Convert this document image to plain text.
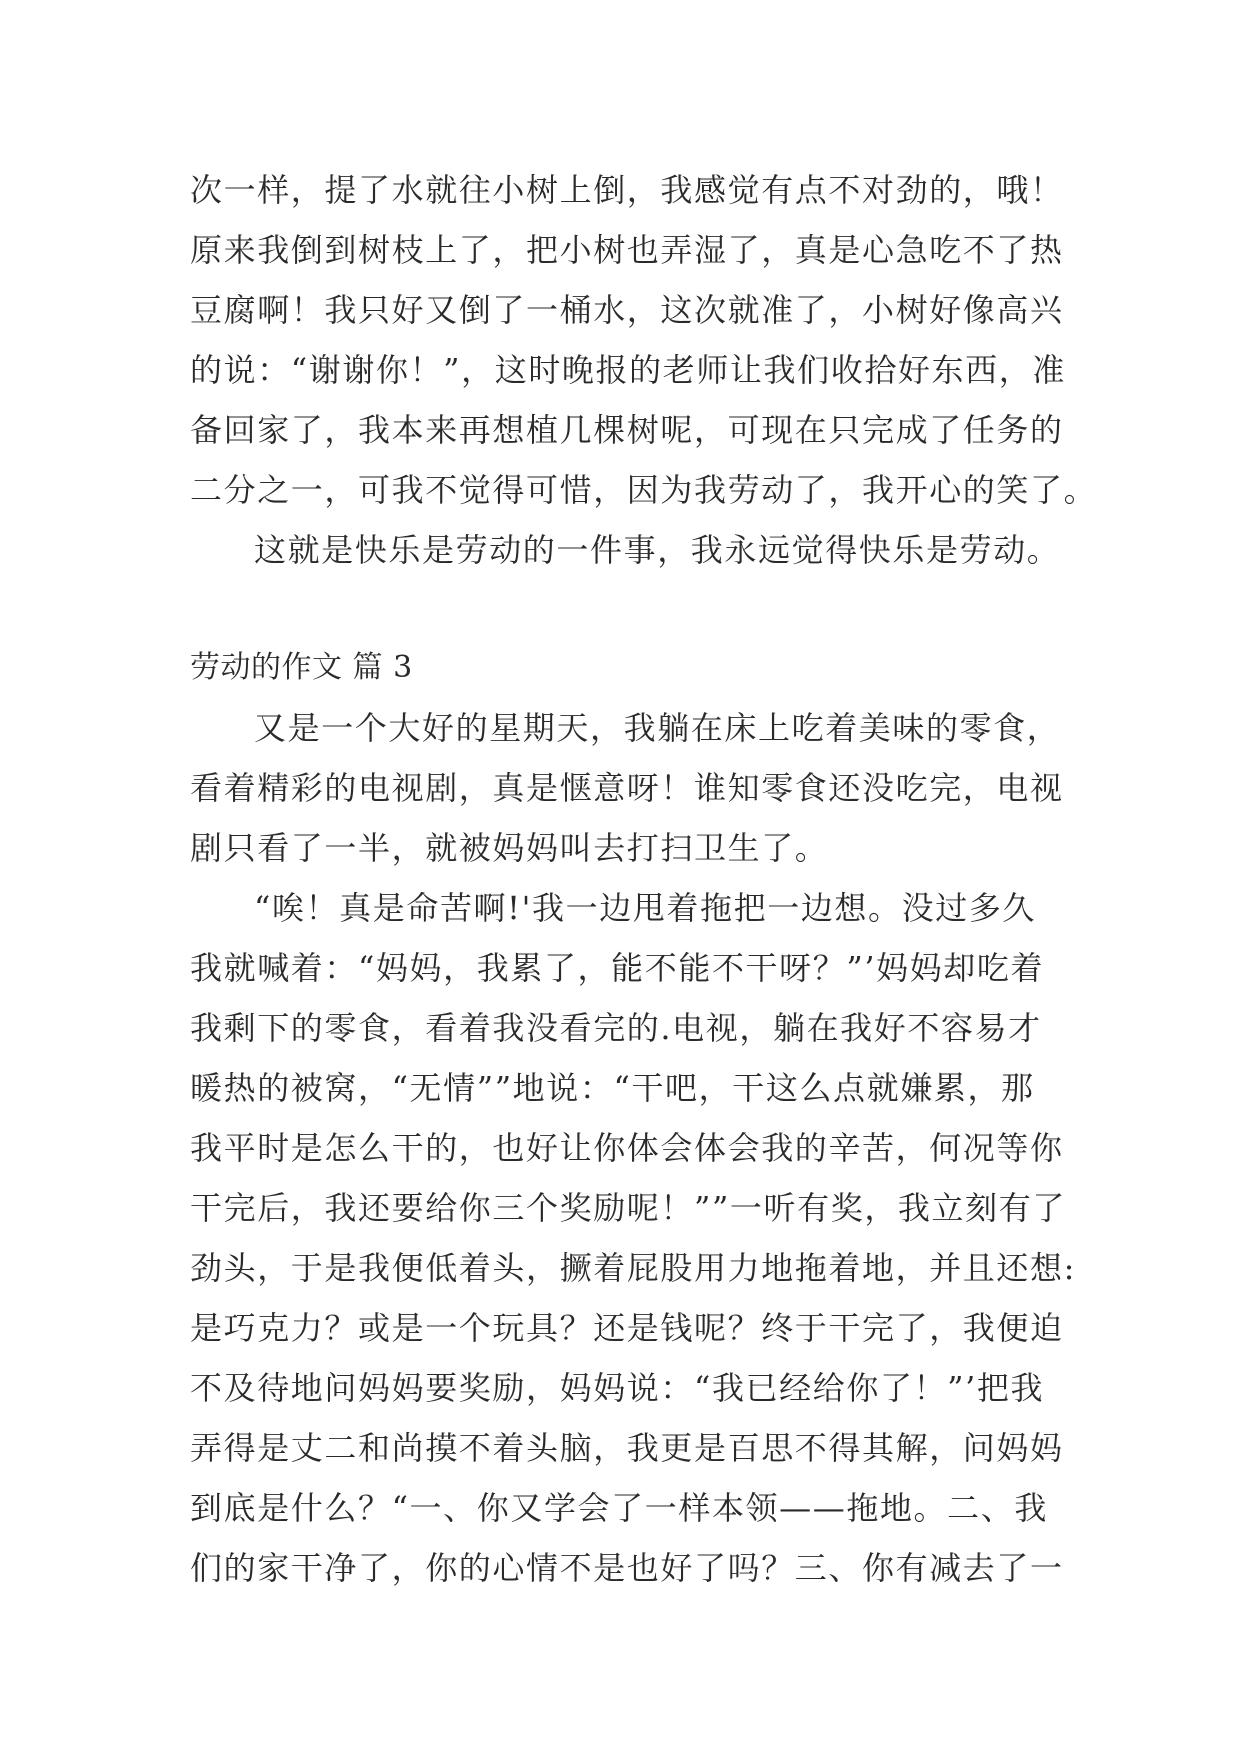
次一样，提了水就往小树上倒，我感觉有点不对劲的，哦！
原来我倒到树枝上了，把小树也弄湿了，真是心急吃不了热
豆腐啊！我只好又倒了一桶水，这次就准了，小树好像高兴
的说：“谢谢你！”，这时晚报的老师让我们收拾好东西，准
备回家了，我本来再想植几棵树呢，可现在只完成了任务的
二分之一，可我不觉得可惜，因为我劳动了，我开心的笑了。
这就是快乐是劳动的一件事，我永远觉得快乐是劳动。
劳动的作文 篇 3
又是一个大好的星期天，我躺在床上吃着美味的零食，
看着精彩的电视剧，真是惬意呀！谁知零食还没吃完，电视
剧只看了一半，就被妈妈叫去打扫卫生了。
“唉！真是命苦啊!'我一边甩着拖把一边想。没过多久
我就喊着：“妈妈，我累了，能不能不干呀？”’妈妈却吃着
我剩下的零食，看着我没看完的.电视，躺在我好不容易才
暖热的被窝，“无情””地说：“干吧，干这么点就嫌累，那
我平时是怎么干的，也好让你体会体会我的辛苦，何况等你
干完后，我还要给你三个奖励呢！””一听有奖，我立刻有了
劲头，于是我便低着头，撅着屁股用力地拖着地，并且还想:
是巧克力？或是一个玩具？还是钱呢？终于干完了，我便迫
不及待地问妈妈要奖励，妈妈说：“我已经给你了！”’把我
弄得是丈二和尚摸不着头脑，我更是百思不得其解，问妈妈
到底是什么？“一、你又学会了一样本领——拖地。二、我
们的家干净了，你的心情不是也好了吗？三、你有减去了一
